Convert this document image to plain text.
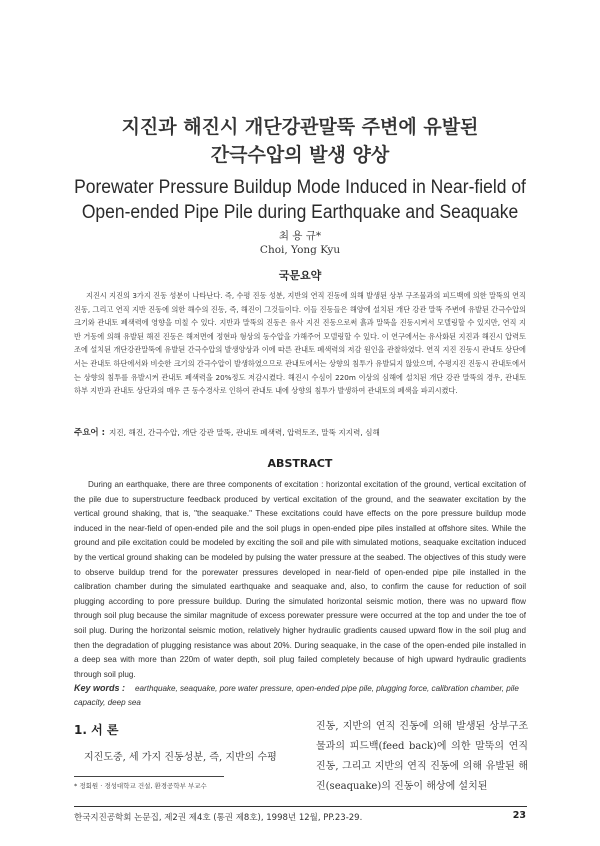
지진과 해진시 개단강관말뚝 주변에 유발된
간극수압의 발생 양상
Porewater Pressure Buildup Mode Induced in Near-field of
Open-ended Pipe Pile during Earthquake and Seaquake
최 용 규*
Choi, Yong Kyu
국문요약
지진시 지진의 3가지 진동 성분이 나타난다. 즉, 수평 진동 성분, 지반의 연직 진동에 의해 발생된 상부 구조물과의 피드백에 의한 말뚝의 연직 진동, 그리고 연직 지반 진동에 의한 해수의 진동, 즉, 해진이 그것들이다. 이들 진동들은 해양에 설치된 개단 강관 말뚝 주변에 유발된 간극수압의 크기와 관내토 폐색력에 영향을 미칠 수 있다. 지반과 말뚝의 진동은 유사 지진 진동으로써 흙과 말뚝을 진동시켜서 모델링할 수 있지만, 연직 지반 거동에 의해 유발된 해진 진동은 해저면에 정현파 형상의 동수압을 가해주어 모델링할 수 있다. 이 연구에서는 유사화된 지진과 해진시 압력토조에 설치된 개단강관말뚝에 유발된 간극수압의 발생양상과 이에 따른 관내토 폐색력의 저감 원인을 관찰하였다. 연직 지진 진동시 관내토 상단에서는 관내토 하단에서와 비슷한 크기의 간극수압이 발생하였으므로 관내토에서는 상향의 침투가 유발되지 않았으며, 수평지진 진동시 관내토에서는 상향의 침투를 유발시켜 관내토 폐색력을 20%정도 저감시켰다. 해진시 수심이 220m 이상의 심해에 설치된 개단 강관 말뚝의 경우, 관내토 하부 지반과 관내토 상단과의 매우 큰 동수경사로 인하여 관내토 내에 상향의 침투가 발생하여 관내토의 폐색을 파괴시켰다.
주요어 : 지진, 해진, 간극수압, 개단 강관 말뚝, 관내토 폐색력, 압력토조, 말뚝 지지력, 심해
ABSTRACT
During an earthquake, there are three components of excitation : horizontal excitation of the ground, vertical excitation of the pile due to superstructure feedback produced by vertical excitation of the ground, and the seawater excitation by the vertical ground shaking, that is, "the seaquake." These excitations could have effects on the pore pressure buildup mode induced in the near-field of open-ended pile and the soil plugs in open-ended pipe piles installed at offshore sites. While the ground and pile excitation could be modeled by exciting the soil and pile with simulated motions, seaquake excitation induced by the vertical ground shaking can be modeled by pulsing the water pressure at the seabed. The objectives of this study were to observe buildup trend for the porewater pressures developed in near-field of open-ended pipe pile installed in the calibration chamber during the simulated earthquake and seaquake and, also, to confirm the cause for reduction of soil plugging according to pore pressure buildup. During the simulated horizontal seismic motion, there was no upward flow through soil plug because the similar magnitude of excess porewater pressure were occurred at the top and under the toe of soil plug. During the horizontal seismic motion, relatively higher hydraulic gradients caused upward flow in the soil plug and then the degradation of plugging resistance was about 20%. During seaquake, in the case of the open-ended pile installed in a deep sea with more than 220m of water depth, soil plug failed completely because of high upward hydraulic gradients through soil plug.
Key words : earthquake, seaquake, pore water pressure, open-ended pipe pile, plugging force, calibration chamber, pile capacity, deep sea
1. 서 론
지진도중, 세 가지 진동성분, 즉, 지반의 수평
* 정회원 · 경성대학교 건설, 환경공학부 부교수
진동, 지반의 연직 진동에 의해 발생된 상부구조물과의 피드백(feed back)에 의한 말뚝의 연직 진동, 그리고 지반의 연직 진동에 의해 유발된 해진(seaquake)의 진동이 해상에 설치된
한국지진공학회 논문집, 제2권 제4호 (통권 제8호), 1998년 12월, PP.23-29.	23
